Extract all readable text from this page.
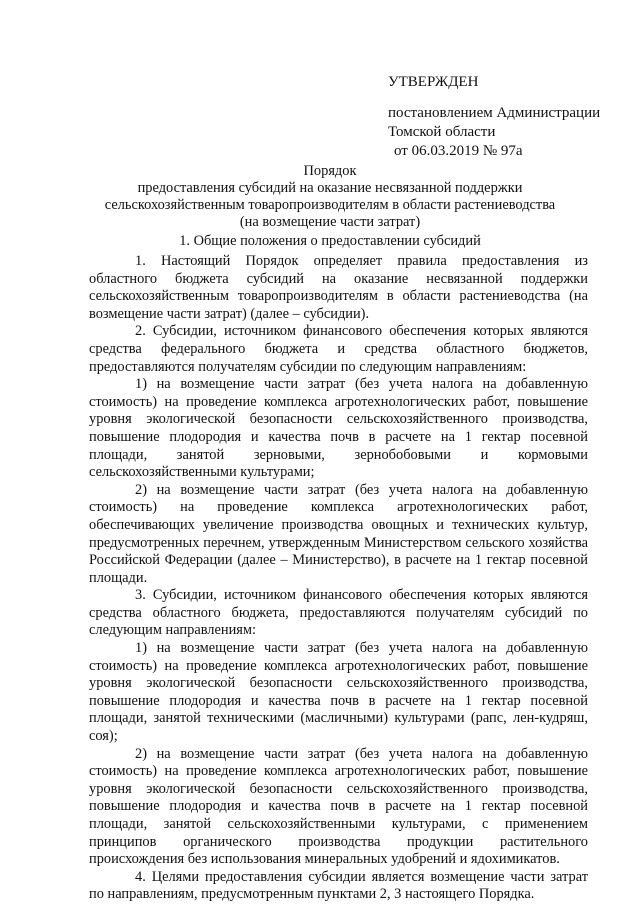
УТВЕРЖДЕН
постановлением Администрации
Томской области
от 06.03.2019 № 97а
Порядок
предоставления субсидий на оказание несвязанной поддержки
сельскохозяйственным товаропроизводителям в области растениеводства
(на возмещение части затрат)
1. Общие положения о предоставлении субсидий

1. Настоящий Порядок определяет правила предоставления из областного бюджета субсидий на оказание несвязанной поддержки сельскохозяйственным товаропроизводителям в области растениеводства (на возмещение части затрат) (далее – субсидии).

2. Субсидии, источником финансового обеспечения которых являются средства федерального бюджета и средства областного бюджетов, предоставляются получателям субсидии по следующим направлениям:

1) на возмещение части затрат (без учета налога на добавленную стоимость) на проведение комплекса агротехнологических работ, повышение уровня экологической безопасности сельскохозяйственного производства, повышение плодородия и качества почв в расчете на 1 гектар посевной площади, занятой зерновыми, зернобобовыми и кормовыми сельскохозяйственными культурами;

2) на возмещение части затрат (без учета налога на добавленную стоимость) на проведение комплекса агротехнологических работ, обеспечивающих увеличение производства овощных и технических культур, предусмотренных перечнем, утвержденным Министерством сельского хозяйства Российской Федерации (далее – Министерство), в расчете на 1 гектар посевной площади.

3. Субсидии, источником финансового обеспечения которых являются средства областного бюджета, предоставляются получателям субсидий по следующим направлениям:

1) на возмещение части затрат (без учета налога на добавленную стоимость) на проведение комплекса агротехнологических работ, повышение уровня экологической безопасности сельскохозяйственного производства, повышение плодородия и качества почв в расчете на 1 гектар посевной площади, занятой техническими (масличными) культурами (рапс, лен-кудряш, соя);

2) на возмещение части затрат (без учета налога на добавленную стоимость) на проведение комплекса агротехнологических работ, повышение уровня экологической безопасности сельскохозяйственного производства, повышение плодородия и качества почв в расчете на 1 гектар посевной площади, занятой сельскохозяйственными культурами, с применением принципов органического производства продукции растительного происхождения без использования минеральных удобрений и ядохимикатов.

4. Целями предоставления субсидии является возмещение части затрат по направлениям, предусмотренным пунктами 2, 3 настоящего Порядка.
